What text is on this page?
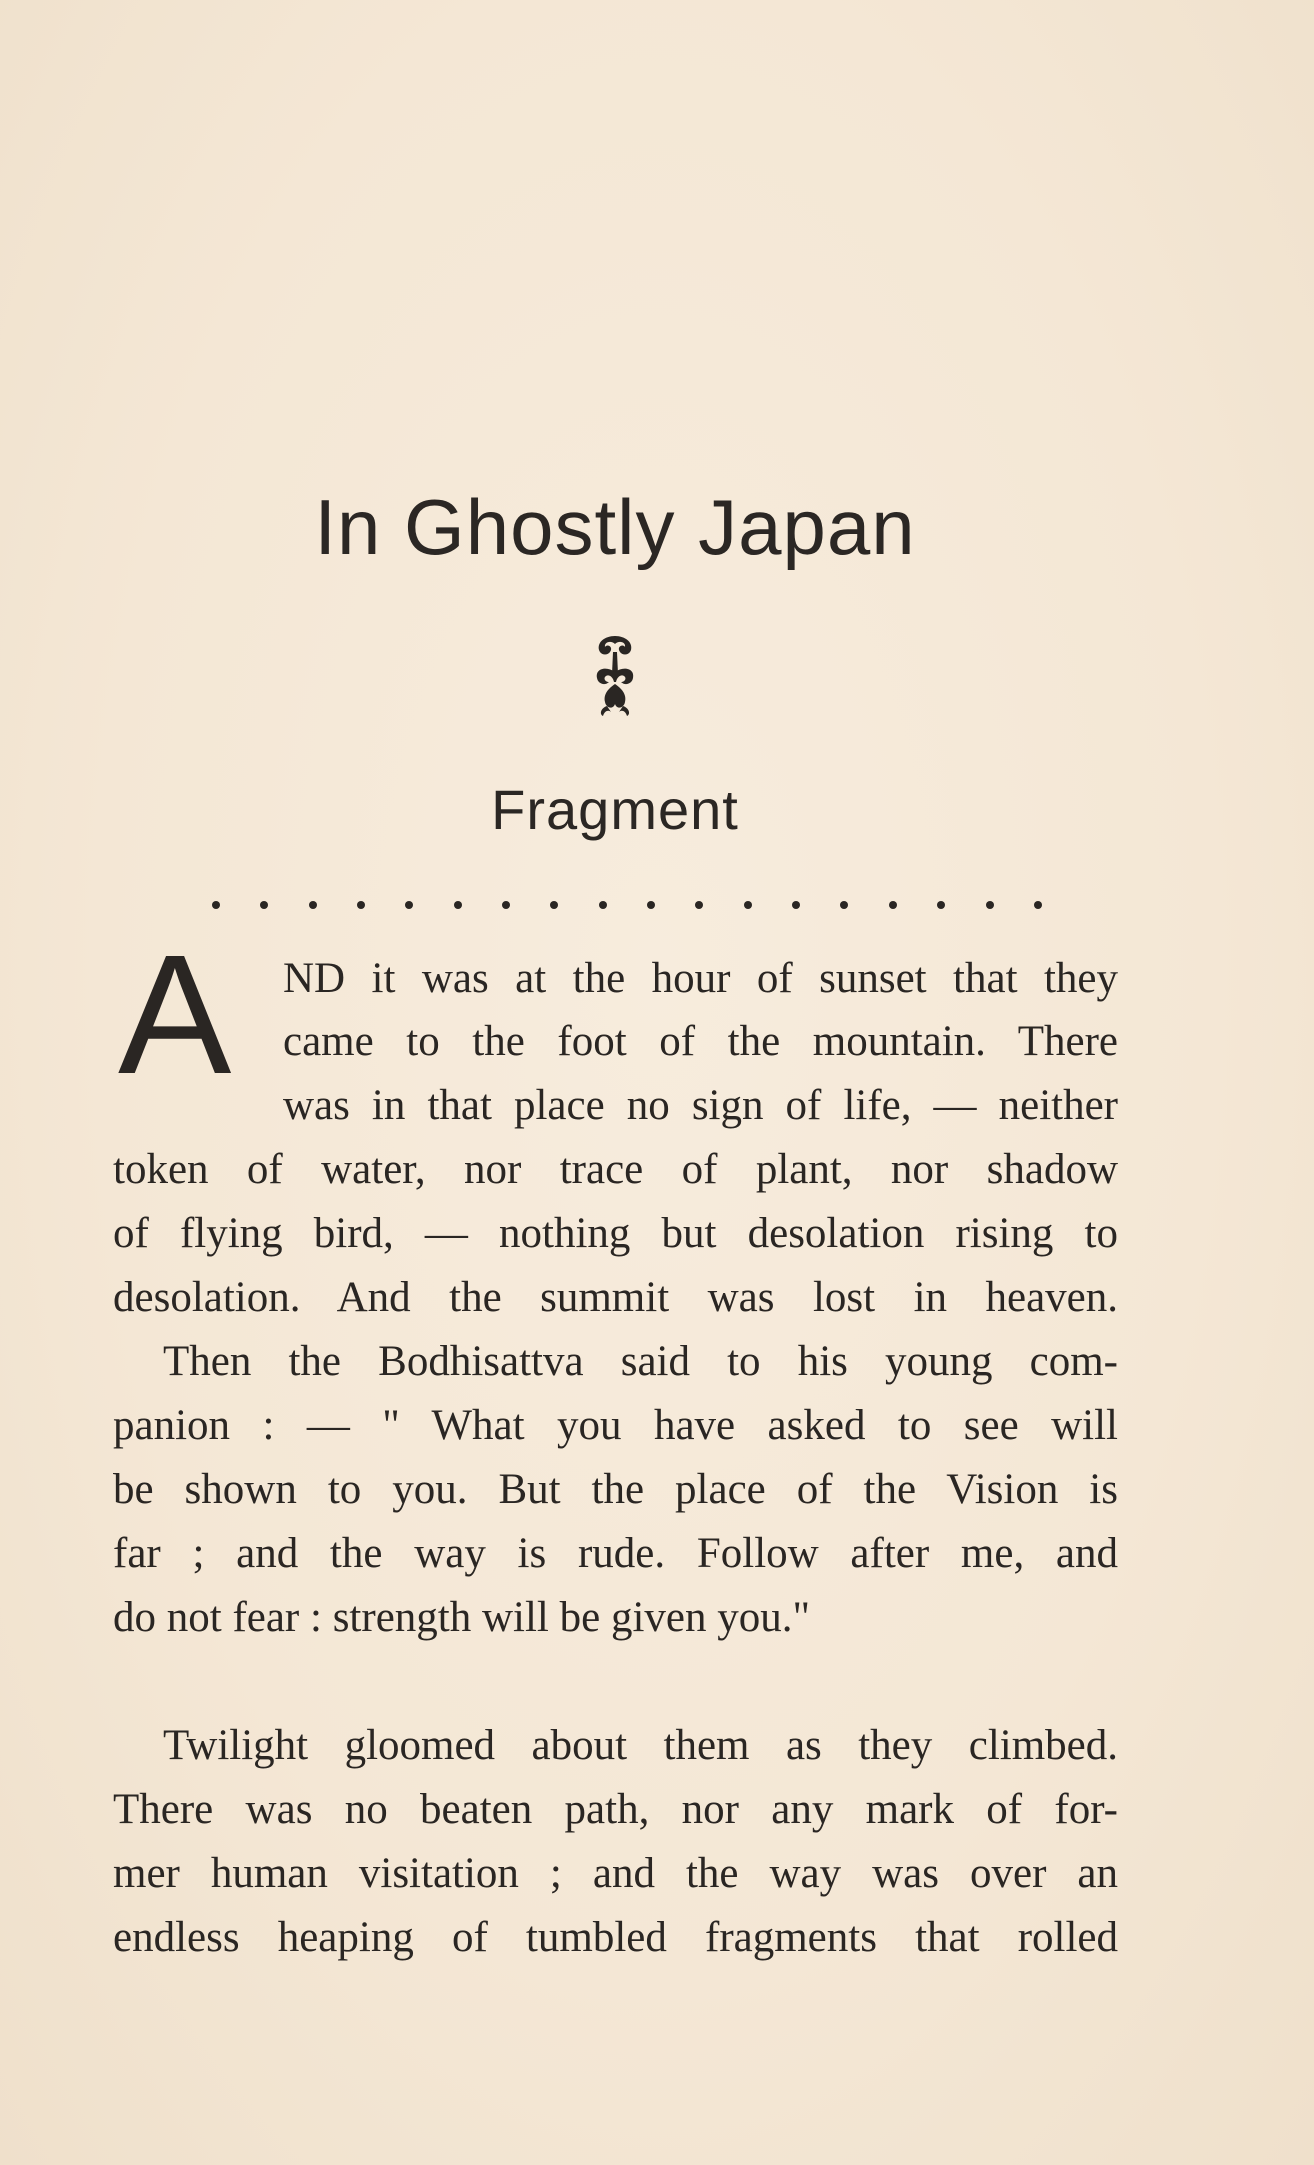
In Ghostly Japan
Fragment
A ND it was at the hour of sunset that they
came to the foot of the mountain. There
was in that place no sign of life, — neither
token of water, nor trace of plant, nor shadow
of flying bird, — nothing but desolation rising to
desolation. And the summit was lost in heaven.
Then the Bodhisattva said to his young com-
panion : — " What you have asked to see will
be shown to you. But the place of the Vision is
far ; and the way is rude. Follow after me, and
do not fear : strength will be given you."
Twilight gloomed about them as they climbed.
There was no beaten path, nor any mark of for-
mer human visitation ; and the way was over an
endless heaping of tumbled fragments that rolled
